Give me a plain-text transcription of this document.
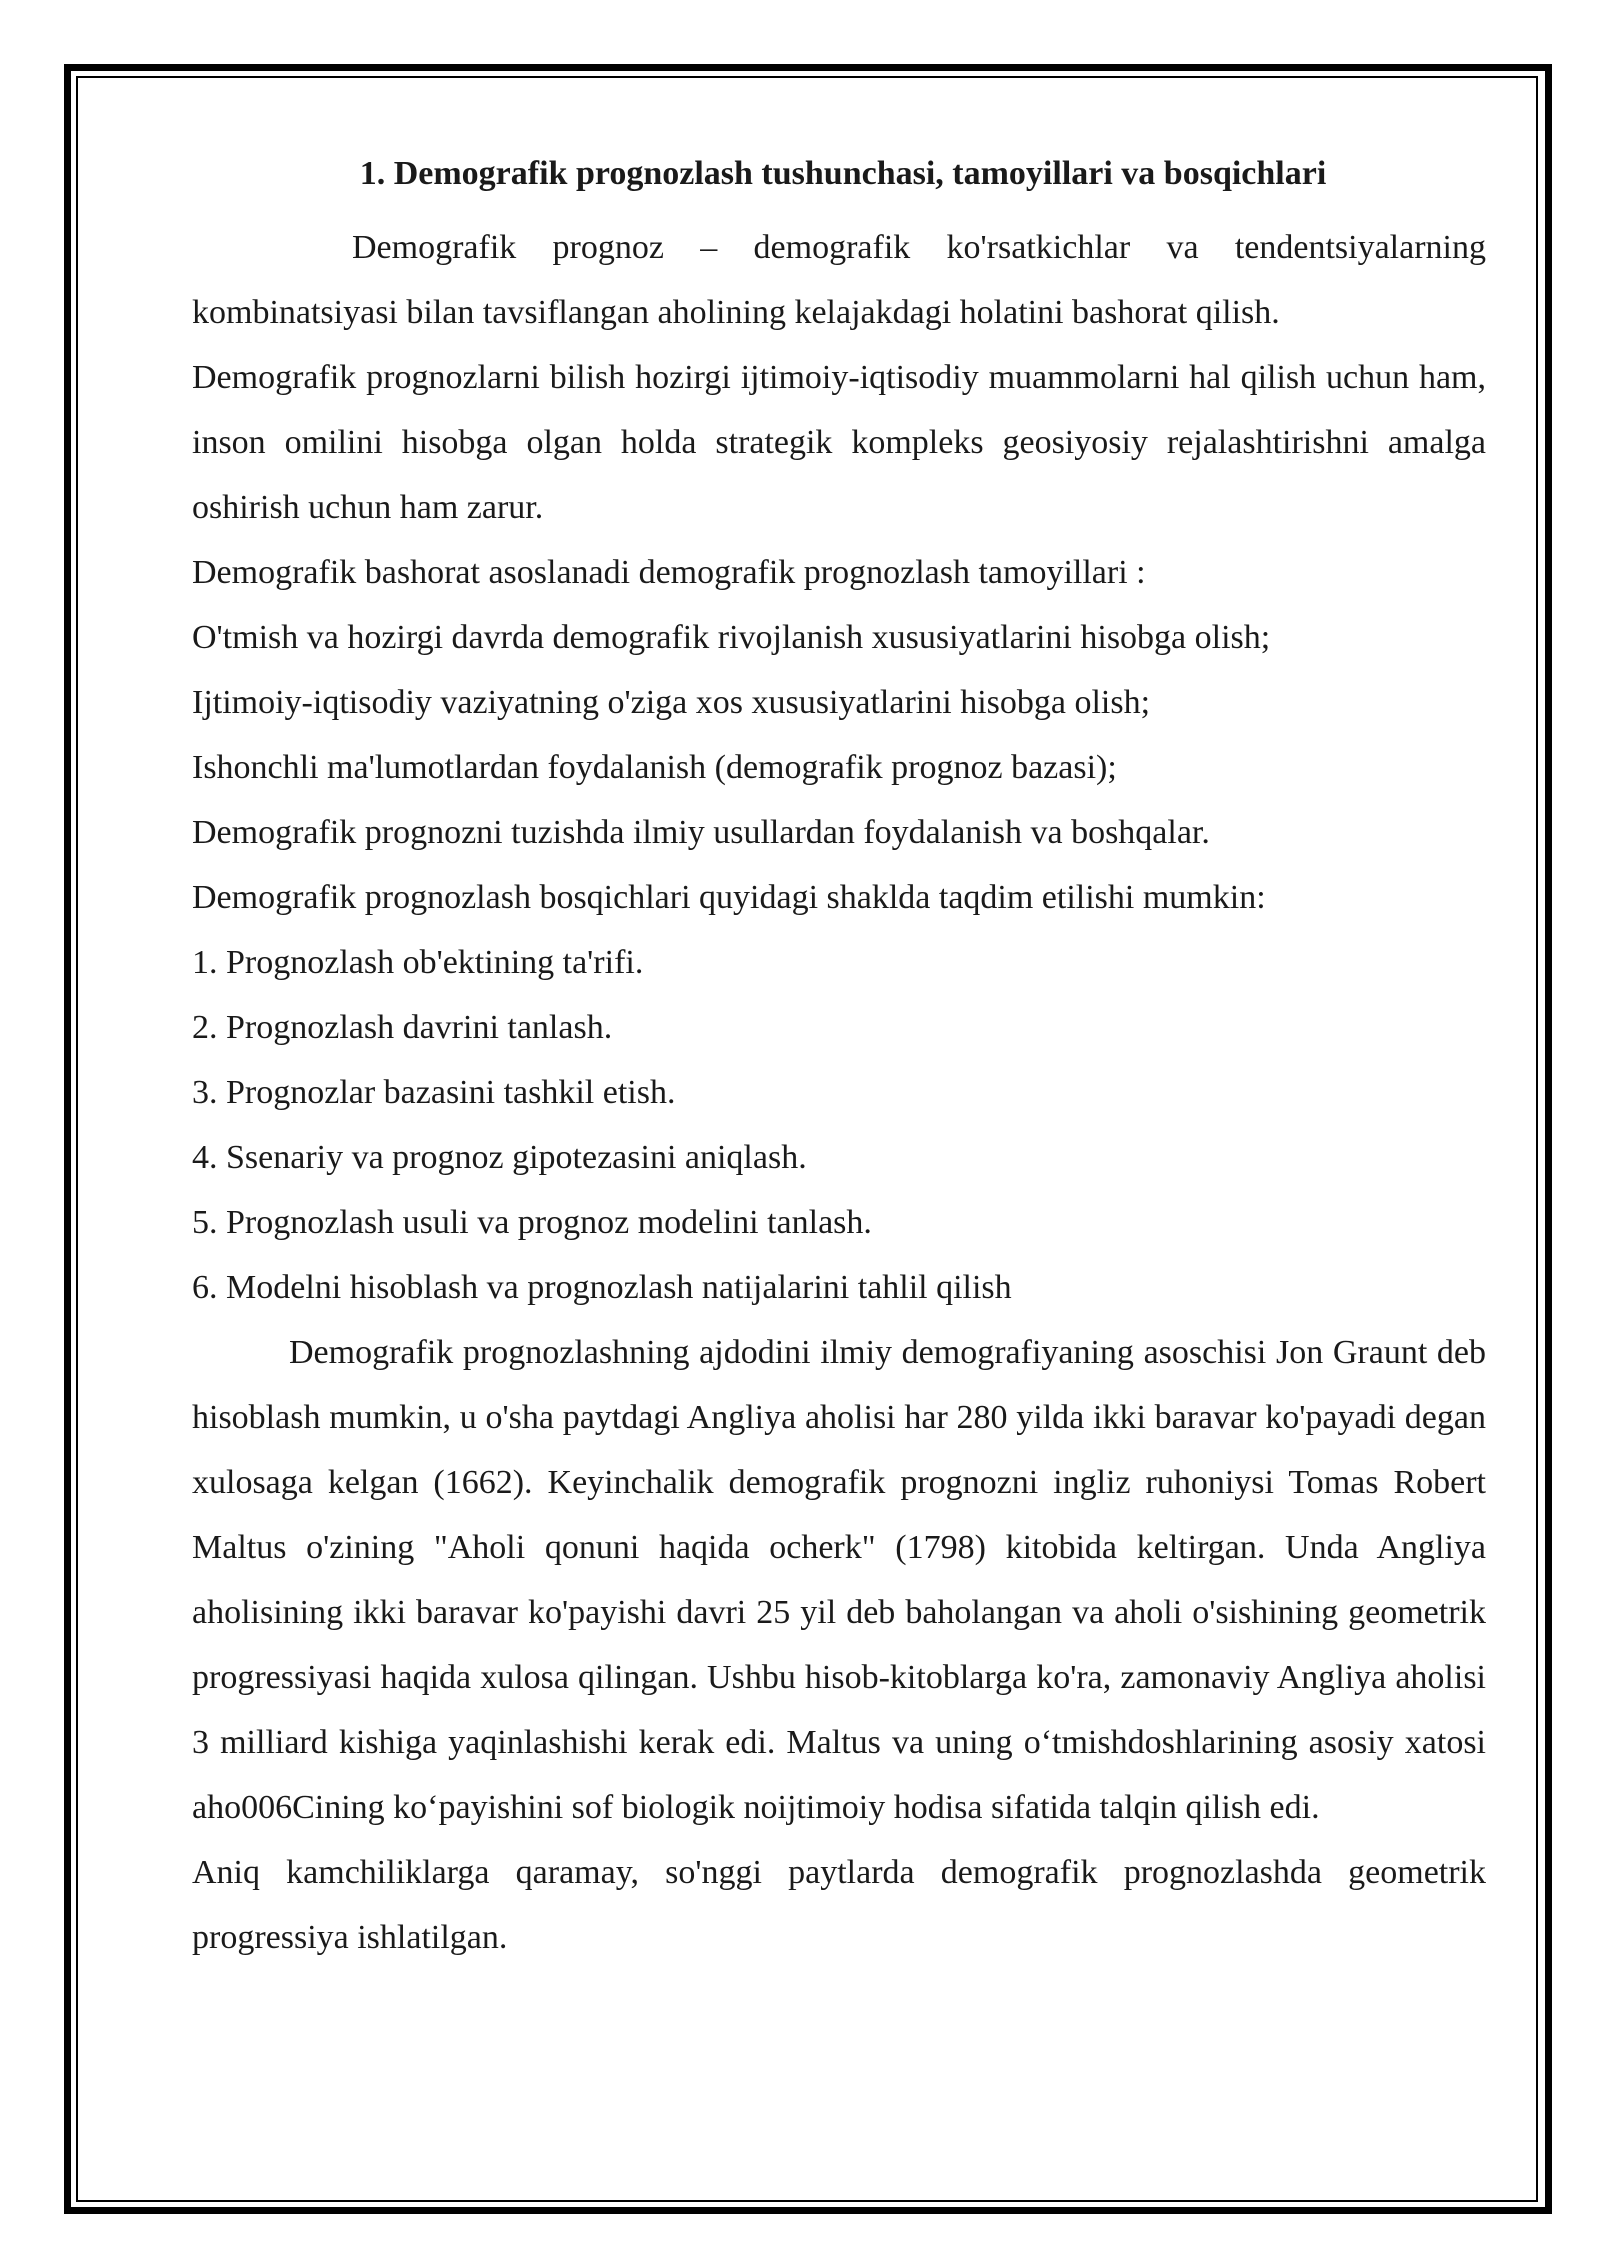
1. Demografik prognozlash tushunchasi, tamoyillari va bosqichlari

Demografik prognoz – demografik ko'rsatkichlar va tendentsiyalarning kombinatsiyasi bilan tavsiflangan aholining kelajakdagi holatini bashorat qilish.

Demografik prognozlarni bilish hozirgi ijtimoiy-iqtisodiy muammolarni hal qilish uchun ham, inson omilini hisobga olgan holda strategik kompleks geosiyosiy rejalashtirishni amalga oshirish uchun ham zarur.

Demografik bashorat asoslanadi demografik prognozlash tamoyillari :

O'tmish va hozirgi davrda demografik rivojlanish xususiyatlarini hisobga olish;

Ijtimoiy-iqtisodiy vaziyatning o'ziga xos xususiyatlarini hisobga olish;

Ishonchli ma'lumotlardan foydalanish (demografik prognoz bazasi);

Demografik prognozni tuzishda ilmiy usullardan foydalanish va boshqalar.

Demografik prognozlash bosqichlari quyidagi shaklda taqdim etilishi mumkin:

1. Prognozlash ob'ektining ta'rifi.

2. Prognozlash davrini tanlash.

3. Prognozlar bazasini tashkil etish.

4. Ssenariy va prognoz gipotezasini aniqlash.

5. Prognozlash usuli va prognoz modelini tanlash.

6. Modelni hisoblash va prognozlash natijalarini tahlil qilish

Demografik prognozlashning ajdodini ilmiy demografiyaning asoschisi Jon Graunt deb hisoblash mumkin, u o'sha paytdagi Angliya aholisi har 280 yilda ikki baravar ko'payadi degan xulosaga kelgan (1662). Keyinchalik demografik prognozni ingliz ruhoniysi Tomas Robert Maltus o'zining "Aholi qonuni haqida ocherk" (1798) kitobida keltirgan. Unda Angliya aholisining ikki baravar ko'payishi davri 25 yil deb baholangan va aholi o'sishining geometrik progressiyasi haqida xulosa qilingan. Ushbu hisob-kitoblarga ko'ra, zamonaviy Angliya aholisi 3 milliard kishiga yaqinlashishi kerak edi. Maltus va uning oʻtmishdoshlarining asosiy xatosi aho006Cining koʻpayishini sof biologik noijtimoiy hodisa sifatida talqin qilish edi.

Aniq kamchiliklarga qaramay, so'nggi paytlarda demografik prognozlashda geometrik progressiya ishlatilgan.
